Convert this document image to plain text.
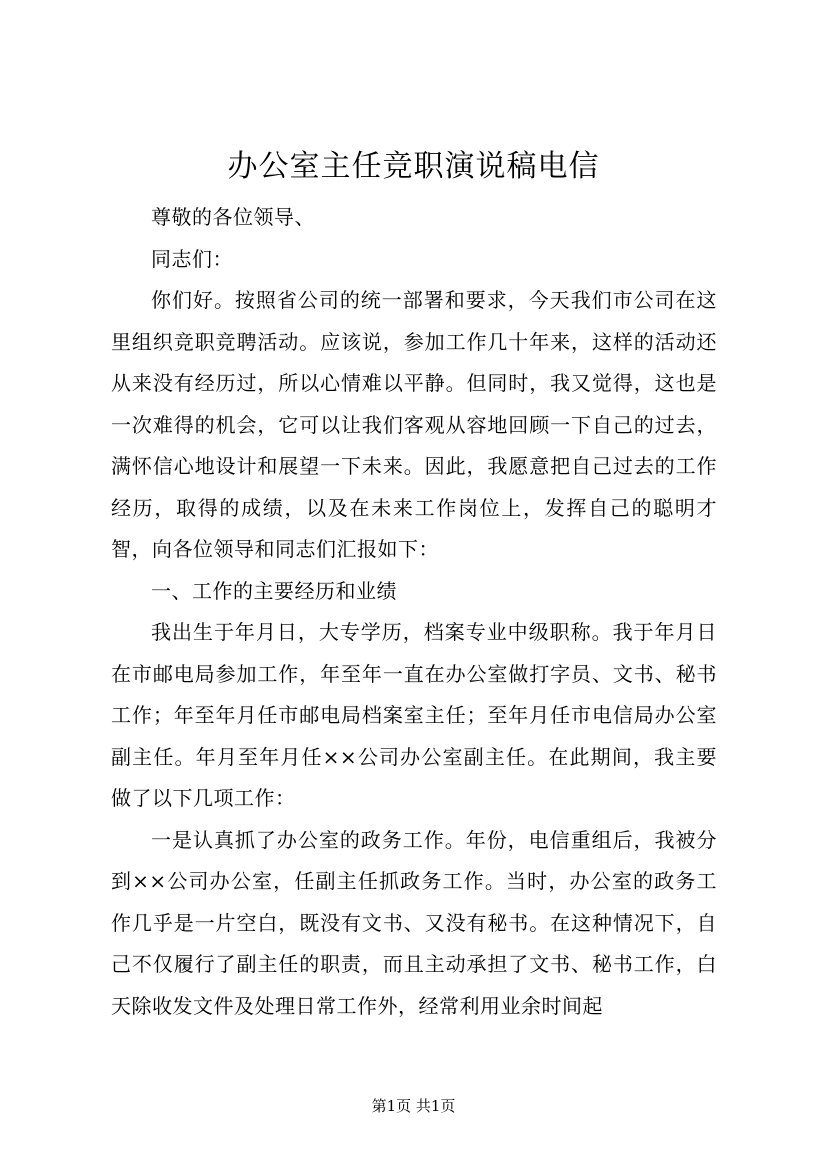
办公室主任竞职演说稿电信

尊敬的各位领导、

同志们：

你们好。按照省公司的统一部署和要求，今天我们市公司在这里组织竞职竞聘活动。应该说，参加工作几十年来，这样的活动还从来没有经历过，所以心情难以平静。但同时，我又觉得，这也是一次难得的机会，它可以让我们客观从容地回顾一下自己的过去，满怀信心地设计和展望一下未来。因此，我愿意把自己过去的工作经历，取得的成绩，以及在未来工作岗位上，发挥自己的聪明才智，向各位领导和同志们汇报如下：

一、工作的主要经历和业绩

我出生于年月日，大专学历，档案专业中级职称。我于年月日在市邮电局参加工作，年至年一直在办公室做打字员、文书、秘书工作；年至年月任市邮电局档案室主任；至年月任市电信局办公室副主任。年月至年月任××公司办公室副主任。在此期间，我主要做了以下几项工作：

一是认真抓了办公室的政务工作。年份，电信重组后，我被分到××公司办公室，任副主任抓政务工作。当时，办公室的政务工作几乎是一片空白，既没有文书、又没有秘书。在这种情况下，自己不仅履行了副主任的职责，而且主动承担了文书、秘书工作，白天除收发文件及处理日常工作外，经常利用业余时间起

第1页 共1页
